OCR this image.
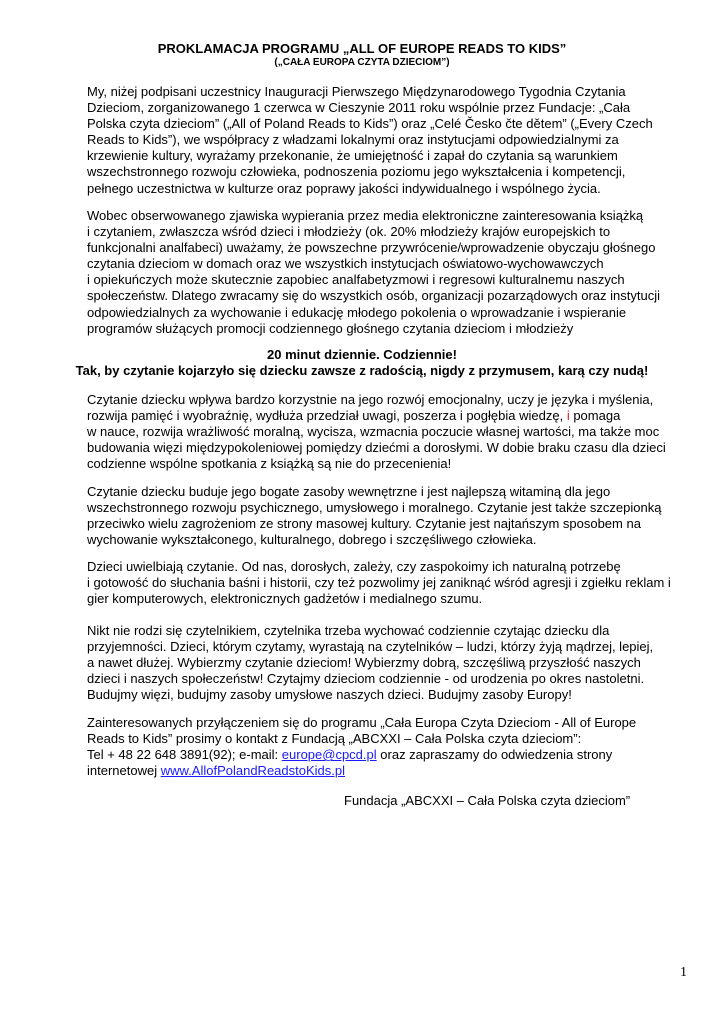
PROKLAMACJA PROGRAMU „ALL OF EUROPE READS TO KIDS”
(„CAŁA EUROPA CZYTA DZIECIOM”)
My, niżej podpisani uczestnicy Inauguracji Pierwszego Międzynarodowego Tygodnia Czytania
Dzieciom, zorganizowanego 1 czerwca w Cieszynie 2011 roku wspólnie przez Fundacje: „Cała
Polska czyta dzieciom” („All of Poland Reads to Kids”) oraz „Celé Česko čte dětem” („Every Czech
Reads to Kids”), we współpracy z władzami lokalnymi oraz instytucjami odpowiedzialnymi za
krzewienie kultury, wyrażamy przekonanie, że umiejętność i zapał do czytania są warunkiem
wszechstronnego rozwoju człowieka, podnoszenia poziomu jego wykształcenia i kompetencji,
pełnego uczestnictwa w kulturze oraz poprawy jakości indywidualnego i wspólnego życia.
Wobec obserwowanego zjawiska wypierania przez media elektroniczne zainteresowania książką
i czytaniem, zwłaszcza wśród dzieci i młodzieży (ok. 20% młodzieży krajów europejskich to
funkcjonalni analfabeci) uważamy, że powszechne przywrócenie/wprowadzenie obyczaju głośnego
czytania dzieciom w domach oraz we wszystkich instytucjach oświatowo-wychowawczych
i opiekuńczych może skutecznie zapobiec analfabetyzmowi i regresowi kulturalnemu naszych
społeczeństw. Dlatego zwracamy się do wszystkich osób, organizacji pozarządowych oraz instytucji
odpowiedzialnych za wychowanie i edukację młodego pokolenia o wprowadzanie i wspieranie
programów służących promocji codziennego głośnego czytania dzieciom i młodzieży
20 minut dziennie. Codziennie!
Tak, by czytanie kojarzyło się dziecku zawsze z radością, nigdy z przymusem, karą czy nudą!
Czytanie dziecku wpływa bardzo korzystnie na jego rozwój emocjonalny, uczy je języka i myślenia,
rozwija pamięć i wyobraźnię, wydłuża przedział uwagi, poszerza i pogłębia wiedzę, i pomaga
w nauce, rozwija wrażliwość moralną, wycisza, wzmacnia poczucie własnej wartości, ma także moc
budowania więzi międzypokoleniowej pomiędzy dziećmi a dorosłymi. W dobie braku czasu dla dzieci
codzienne wspólne spotkania z książką są nie do przecenienia!
Czytanie dziecku buduje jego bogate zasoby wewnętrzne i jest najlepszą witaminą dla jego
wszechstronnego rozwoju psychicznego, umysłowego i moralnego. Czytanie jest także szczepionką
przeciwko wielu zagrożeniom ze strony masowej kultury. Czytanie jest najtańszym sposobem na
wychowanie wykształconego, kulturalnego, dobrego i szczęśliwego człowieka.
Dzieci uwielbiają czytanie. Od nas, dorosłych, zależy, czy zaspokoimy ich naturalną potrzebę
i gotowość do słuchania baśni i historii, czy też pozwolimy jej zaniknąć wśród agresji i zgiełku reklam i
gier komputerowych, elektronicznych gadżetów i medialnego szumu.
Nikt nie rodzi się czytelnikiem, czytelnika trzeba wychować codziennie czytając dziecku dla
przyjemności. Dzieci, którym czytamy, wyrastają na czytelników – ludzi, którzy żyją mądrzej, lepiej,
a nawet dłużej. Wybierzmy czytanie dzieciom! Wybierzmy dobrą, szczęśliwą przyszłość naszych
dzieci i naszych społeczeństw! Czytajmy dzieciom codziennie - od urodzenia po okres nastoletni.
Budujmy więzi, budujmy zasoby umysłowe naszych dzieci. Budujmy zasoby Europy!
Zainteresowanych przyłączeniem się do programu „Cała Europa Czyta Dzieciom - All of Europe
Reads to Kids” prosimy o kontakt z Fundacją „ABCXXI – Cała Polska czyta dzieciom”:
Tel + 48 22 648 3891(92); e-mail: europe@cpcd.pl oraz zapraszamy do odwiedzenia strony
internetowej www.AllofPolandReadstoKids.pl
Fundacja „ABCXXI – Cała Polska czyta dzieciom”
1
